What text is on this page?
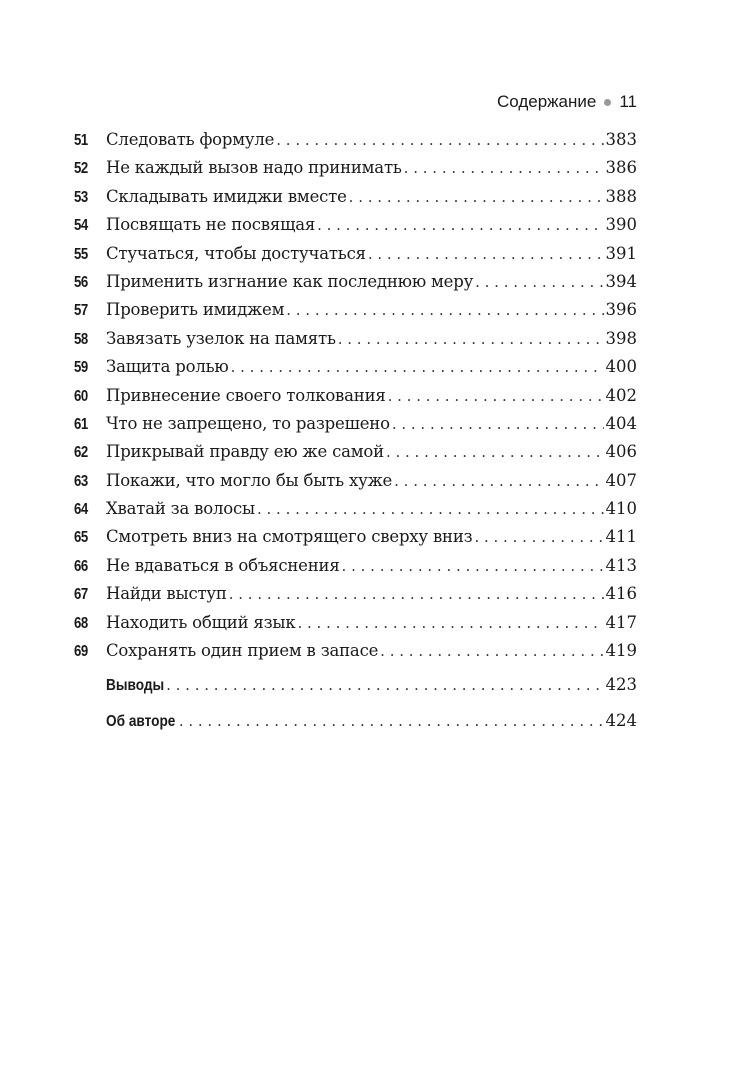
Содержание 11
51	Следовать формуле . . .	383
52	Не каждый вызов надо принимать . . .	386
53	Складывать имиджи вместе . . .	388
54	Посвящать не посвящая . . .	390
55	Стучаться, чтобы достучаться . . .	391
56	Применить изгнание как последнюю меру . . .	394
57	Проверить имиджем . . .	396
58	Завязать узелок на память . . .	398
59	Защита ролью . . .	400
60	Привнесение своего толкования . . .	402
61	Что не запрещено, то разрешено . . .	404
62	Прикрывай правду ею же самой . . .	406
63	Покажи, что могло бы быть хуже . . .	407
64	Хватай за волосы . . .	410
65	Смотреть вниз на смотрящего сверху вниз . . .	411
66	Не вдаваться в объяснения . . .	413
67	Найди выступ . . .	416
68	Находить общий язык . . .	417
69	Сохранять один прием в запасе . . .	419
Выводы . . .	423
Об авторе . . .	424
